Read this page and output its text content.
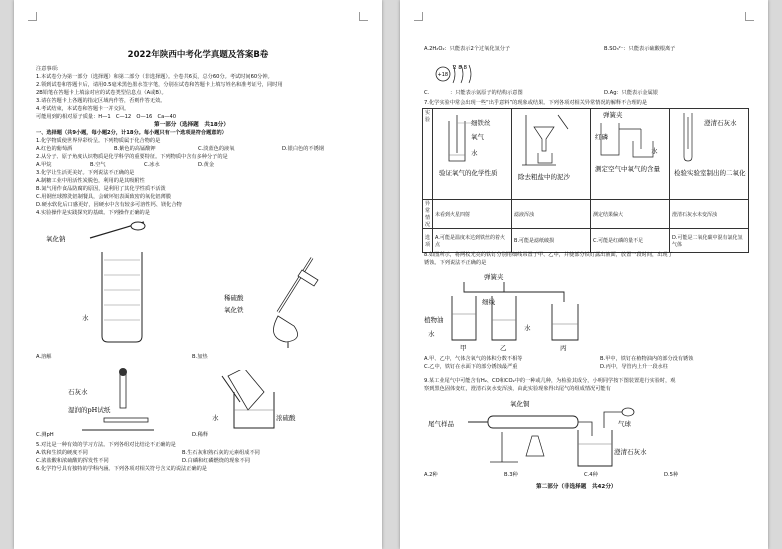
2022年陕西中考化学真题及答案B卷
注意事项:
1.本试卷分为第一部分（选择题）和第二部分（非选择题）。全卷共6页，总分60分。考试时间60分钟。
2.领到试卷和答题卡后，请用0.5毫米黑色墨水签字笔，分别在试卷和答题卡上填写姓名和准考证号，同时用
2B铅笔在答题卡上填涂对应的试卷类型信息点（A或B）。
3.请在答题卡上各题的指定区域内作答，否则作答无效。
4.考试结束，本试卷和答题卡一并交回。
可能用到的相对原子质量：H—1　C—12　O—16　Ca—40
第一部分（选择题　共18分）
一、选择题（共9小题，每小题2分，计18分。每小题只有一个选项是符合题意的）
1.化学物质使世界异彩纷呈。下列物质属于化合物的是
A.红色的葡萄酒	B.紫色的高锰酸钾	C.淡蓝色的液氧	D.银白色的不锈钢
2.从分子、原子角度认识物质是化学科学的重要特征。下列物质中含有多种分子的是
A.甲烷	B.空气	C.冰水	D.黄金
3.化学让生活更美好。下列说法不正确的是
A.制糖工业中用活性炭脱色，利用的是其吸附性
B.氮气用作食品防腐的原因，是利用了其化学性质不活泼
C.用钢丝球擦洗铝制餐具，会破坏铝表面致密的氧化铝薄膜
D.硬水软化后口感更好，因硬水中含有较多可溶性钙、镁化合物
4.实验操作是实践探究的基础。下列操作正确的是
氧化钠
水
A.溶解
稀硫酸
氧化铁
B.加热
石灰水
湿润的pH试纸
C.测pH
水	浓硫酸
D.稀释
5.对比是一种有效的学习方法。下列各组对比结论不正确的是
A.铁和生铁的硬度不同	B.生石灰和熟石灰的元素组成不同
C.浓盐酸和浓硫酸的挥发性不同	D.白磷和红磷燃烧的现象不同
6.化学符号具有独特的学科内涵。下列各项对相关符号含义的说法正确的是
A.2H₂O₂：只能表示2个过氧化氢分子	B.SO₃²⁻：只能表示硫酸根离子
+18
2 8 8
C.　　　　：只能表示氩原子的结构示意图	D.Ag：只能表示金属银
7.化学实验中常会出现一些“出乎意料”的现象或结果。下列各项对相关异常情况的解释不合理的是
实验	细铁丝
氧气
水
验证氧气的化学性质	除去粗盐中的泥沙	弹簧夹
红磷
水
测定空气中氧气的含量	澄清石灰水
检验实验室制出的二氧化碳

异常情况	未看到火星四射	滤液浑浊	测定结果偏大	澄清石灰水未变浑浊
选项	A.可能是温度未达到铁丝的着火点	B.可能是滤纸破损	C.可能是红磷的量不足	D.可能是二氧化碳中混有氯化氢气体
8.如图所示，将两枚光亮的铁钉分别用细线吊置于甲、乙中，并使部分铁钉露出液面，放置一段时间，出现了
锈蚀。下列说法不正确的是
弹簧夹
细线
植物油
水
水
甲	乙	丙
A.甲、乙中，气体含氧气的体积分数不相等	B.甲中，铁钉在植物油内的部分没有锈蚀
C.乙中，铁钉在水面下的部分锈蚀最严重	D.丙中，导管内上升一段水柱
9.某工业尾气中可能含有H₂、CO和CO₂中的一种或几种，为检验其成分，小明同学按下图装置进行实验时，观
察到黑色固体变红，澄清石灰水变浑浊，由此实验现象得出尾气的组成情况可能有
氧化铜
尾气样品	气球
澄清石灰水
A.2种	B.3种	C.4种	D.5种
第二部分（非选择题　共42分）
